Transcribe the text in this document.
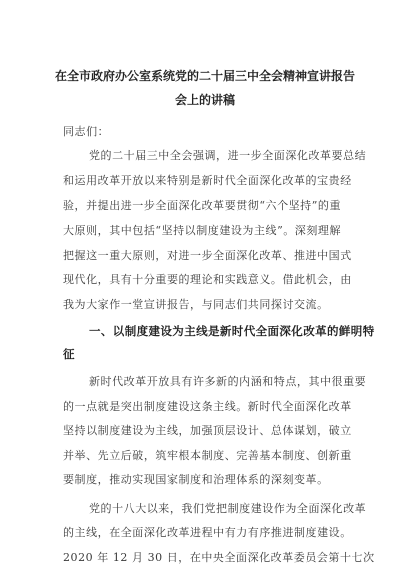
在全市政府办公室系统党的二十届三中全会精神宣讲报告
会上的讲稿
同志们：
党的二十届三中全会强调，进一步全面深化改革要总结
和运用改革开放以来特别是新时代全面深化改革的宝贵经
验，并提出进一步全面深化改革要贯彻“六个坚持”的重
大原则，其中包括“坚持以制度建设为主线”。深刻理解
把握这一重大原则，对进一步全面深化改革、推进中国式
现代化，具有十分重要的理论和实践意义。借此机会，由
我为大家作一堂宣讲报告，与同志们共同探讨交流。
一、以制度建设为主线是新时代全面深化改革的鲜明特
征
新时代改革开放具有许多新的内涵和特点，其中很重要
的一点就是突出制度建设这条主线。新时代全面深化改革
坚持以制度建设为主线，加强顶层设计、总体谋划，破立
并举、先立后破，筑牢根本制度、完善基本制度、创新重
要制度，推动实现国家制度和治理体系的深刻变革。
党的十八大以来，我们党把制度建设作为全面深化改革
的主线，在全面深化改革进程中有力有序推进制度建设。
2020 年 12 月 30 日，在中央全面深化改革委员会第十七次
